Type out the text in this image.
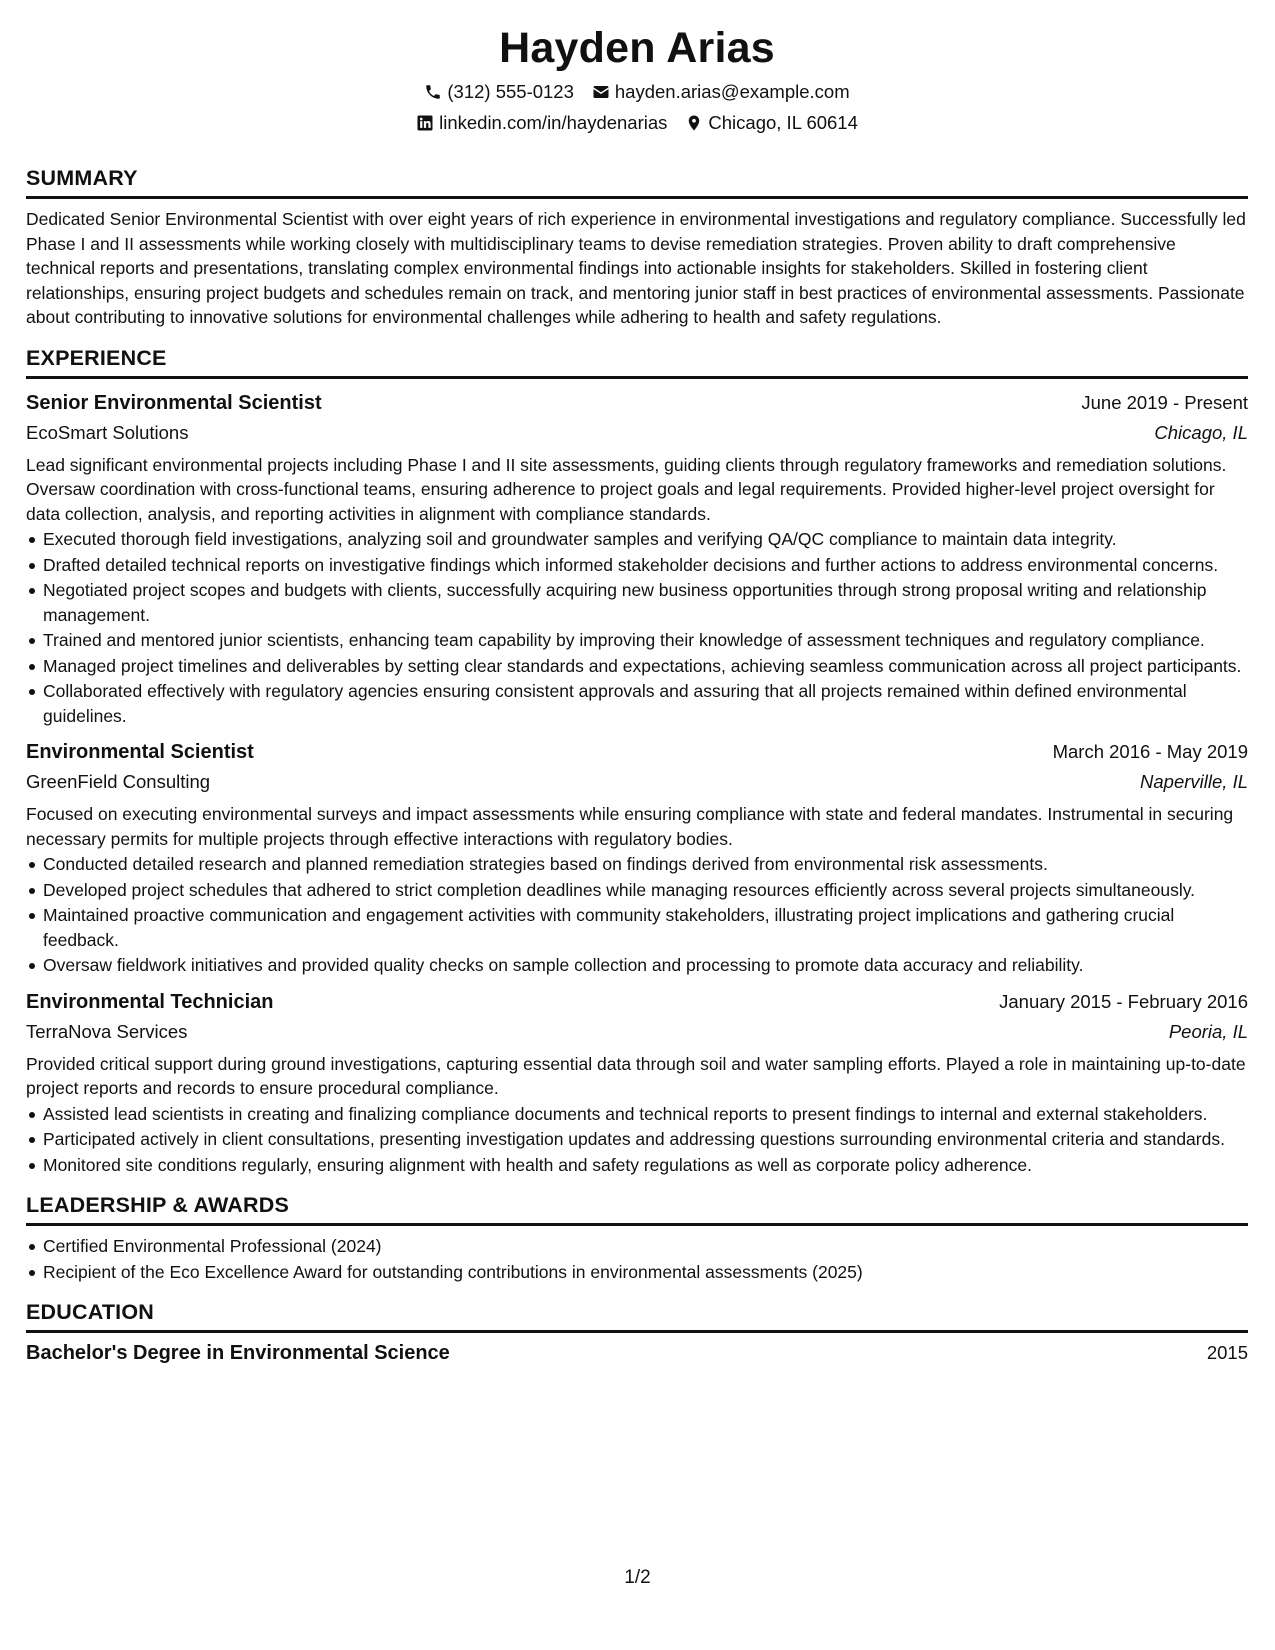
Hayden Arias
(312) 555-0123 hayden.arias@example.com
linkedin.com/in/haydenarias Chicago, IL 60614
SUMMARY

Dedicated Senior Environmental Scientist with over eight years of rich experience in environmental investigations and regulatory compliance. Successfully led Phase I and II assessments while working closely with multidisciplinary teams to devise remediation strategies. Proven ability to draft comprehensive technical reports and presentations, translating complex environmental findings into actionable insights for stakeholders. Skilled in fostering client relationships, ensuring project budgets and schedules remain on track, and mentoring junior staff in best practices of environmental assessments. Passionate about contributing to innovative solutions for environmental challenges while adhering to health and safety regulations.

EXPERIENCE
Senior Environmental Scientist	June 2019 - Present
EcoSmart Solutions	Chicago, IL

Lead significant environmental projects including Phase I and II site assessments, guiding clients through regulatory frameworks and remediation solutions. Oversaw coordination with cross-functional teams, ensuring adherence to project goals and legal requirements. Provided higher-level project oversight for data collection, analysis, and reporting activities in alignment with compliance standards.

Executed thorough field investigations, analyzing soil and groundwater samples and verifying QA/QC compliance to maintain data integrity.
Drafted detailed technical reports on investigative findings which informed stakeholder decisions and further actions to address environmental concerns.
Negotiated project scopes and budgets with clients, successfully acquiring new business opportunities through strong proposal writing and relationship management.
Trained and mentored junior scientists, enhancing team capability by improving their knowledge of assessment techniques and regulatory compliance.
Managed project timelines and deliverables by setting clear standards and expectations, achieving seamless communication across all project participants.
Collaborated effectively with regulatory agencies ensuring consistent approvals and assuring that all projects remained within defined environmental guidelines.
Environmental Scientist	March 2016 - May 2019
GreenField Consulting	Naperville, IL

Focused on executing environmental surveys and impact assessments while ensuring compliance with state and federal mandates. Instrumental in securing necessary permits for multiple projects through effective interactions with regulatory bodies.

Conducted detailed research and planned remediation strategies based on findings derived from environmental risk assessments.
Developed project schedules that adhered to strict completion deadlines while managing resources efficiently across several projects simultaneously.
Maintained proactive communication and engagement activities with community stakeholders, illustrating project implications and gathering crucial feedback.
Oversaw fieldwork initiatives and provided quality checks on sample collection and processing to promote data accuracy and reliability.
Environmental Technician	January 2015 - February 2016
TerraNova Services	Peoria, IL

Provided critical support during ground investigations, capturing essential data through soil and water sampling efforts. Played a role in maintaining up-to-date project reports and records to ensure procedural compliance.

Assisted lead scientists in creating and finalizing compliance documents and technical reports to present findings to internal and external stakeholders.
Participated actively in client consultations, presenting investigation updates and addressing questions surrounding environmental criteria and standards.
Monitored site conditions regularly, ensuring alignment with health and safety regulations as well as corporate policy adherence.
LEADERSHIP & AWARDS
Certified Environmental Professional (2024)
Recipient of the Eco Excellence Award for outstanding contributions in environmental assessments (2025)
EDUCATION
Bachelor's Degree in Environmental Science	2015
1/2
